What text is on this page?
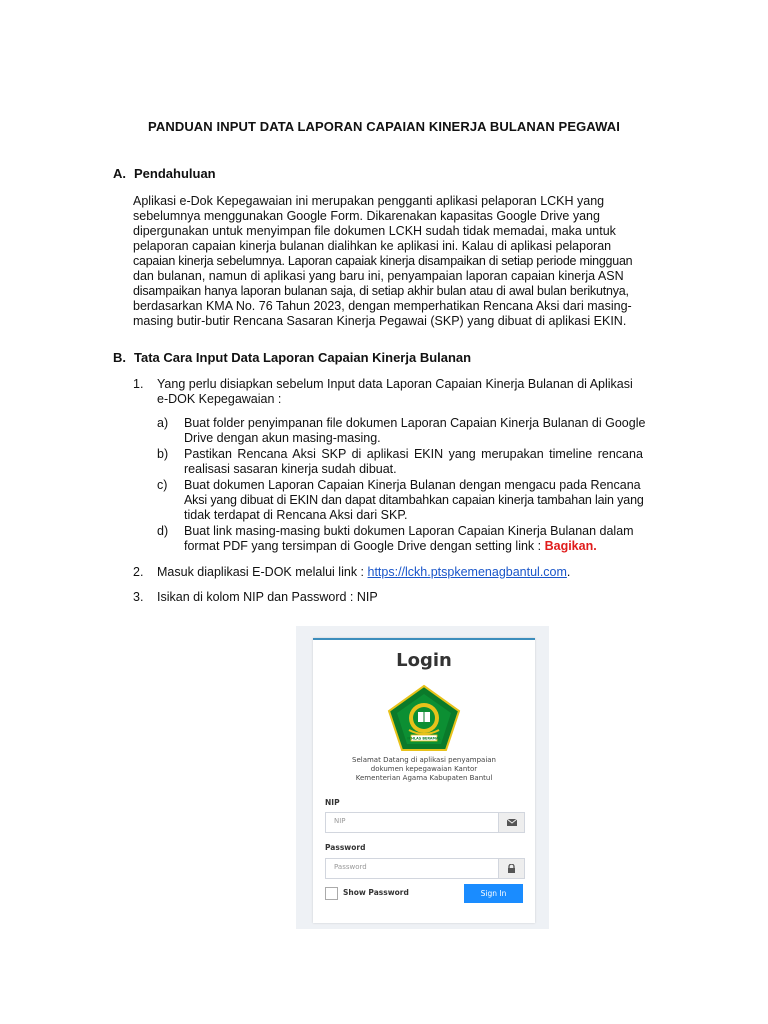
PANDUAN INPUT DATA LAPORAN CAPAIAN KINERJA BULANAN PEGAWAI
A. Pendahuluan
Aplikasi e-Dok Kepegawaian ini merupakan pengganti aplikasi pelaporan LCKH yang
sebelumnya menggunakan Google Form. Dikarenakan kapasitas Google Drive yang
dipergunakan untuk menyimpan file dokumen LCKH sudah tidak memadai, maka untuk
pelaporan capaian kinerja bulanan dialihkan ke aplikasi ini. Kalau di aplikasi pelaporan
capaian kinerja sebelumnya. Laporan capaiak kinerja disampaikan di setiap periode mingguan
dan bulanan, namun di aplikasi yang baru ini, penyampaian laporan capaian kinerja ASN
disampaikan hanya laporan bulanan saja, di setiap akhir bulan atau di awal bulan berikutnya,
berdasarkan KMA No. 76 Tahun 2023, dengan memperhatikan Rencana Aksi dari masing-
masing butir-butir Rencana Sasaran Kinerja Pegawai (SKP) yang dibuat di aplikasi EKIN.
B. Tata Cara Input Data Laporan Capaian Kinerja Bulanan
1. Yang perlu disiapkan sebelum Input data Laporan Capaian Kinerja Bulanan di Aplikasi
e-DOK Kepegawaian :
a) Buat folder penyimpanan file dokumen Laporan Capaian Kinerja Bulanan di Google
Drive dengan akun masing-masing.
b) Pastikan Rencana Aksi SKP di aplikasi EKIN yang merupakan timeline rencana
realisasi sasaran kinerja sudah dibuat.
c) Buat dokumen Laporan Capaian Kinerja Bulanan dengan mengacu pada Rencana
Aksi yang dibuat di EKIN dan dapat ditambahkan capaian kinerja tambahan lain yang
tidak terdapat di Rencana Aksi dari SKP.
d) Buat link masing-masing bukti dokumen Laporan Capaian Kinerja Bulanan dalam
format PDF yang tersimpan di Google Drive dengan setting link : Bagikan.
2. Masuk diaplikasi E-DOK melalui link : https://lckh.ptspkemenagbantul.com.
3. Isikan di kolom NIP dan Password : NIP
Login
IKHLAS BERAMAL
Selamat Datang di aplikasi penyampaian
dokumen kepegawaian Kantor
Kementerian Agama Kabupaten Bantul
NIP
NIP
Password
Password
Show Password	Sign In
